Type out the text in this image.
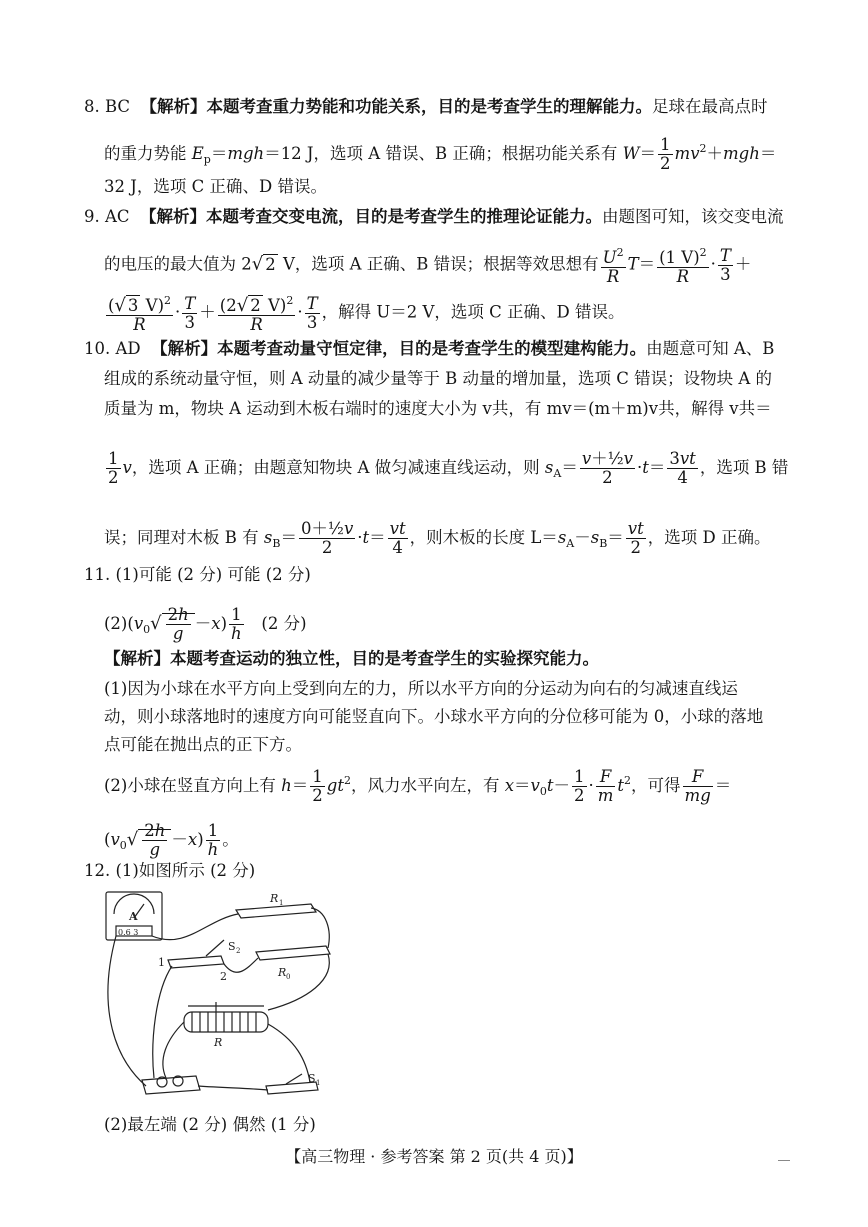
8. BC 【解析】本题考查重力势能和功能关系，目的是考查学生的理解能力。足球在最高点时
的重力势能 $E_p=mgh=12$ J，选项 A 错误、B 正确；根据功能关系有 $W= \frac{1}{2} mv^2+mgh=$
32 J，选项 C 正确、D 错误。
9. AC 【解析】本题考查交变电流，目的是考查学生的推理论证能力。由题图可知，该交变电流
的电压的最大值为 2√ 2 V，选项 A 正确、B 错误；根据等效思想有 $\frac{U^2}{R} T= \frac{(1 V)^2}{R} \cdot \frac{T}{3}$ ＋
$\frac{(√ 3 V)^2}{R} \cdot \frac{T}{3} + \frac{(2√ 2 V)^2}{R} \cdot \frac{T}{3}$ ，解得 U＝2 V，选项 C 正确、D 错误。
10. AD 【解析】本题考查动量守恒定律，目的是考查学生的模型建构能力。由题意可知 A、B
组成的系统动量守恒，则 A 动量的减少量等于 B 动量的增加量，选项 C 错误；设物块 A 的
质量为 m，物块 A 运动到木板右端时的速度大小为 v共，有 mv＝(m＋m)v共，解得 v共＝
$\frac{1}{2}$ v，选项 A 正确；由题意知物块 A 做匀减速直线运动，则 $s_A= \frac{\text{v＋½v}}{2} \cdot t= \frac{3vt}{4}$ ，选项 B 错
误；同理对木板 B 有 $s_B= \frac{\text{0＋½v}}{2} \cdot t= \frac{vt}{4}$ ，则木板的长度 $L=s_A-s_B= \frac{vt}{2}$ ，选项 D 正确。
11. (1)可能 (2 分) 可能 (2 分)
$(2)(v_0√ \frac{2h}{g} -x) \frac{1}{h} (2$ 分)
【解析】本题考查运动的独立性，目的是考查学生的实验探究能力。
(1)因为小球在水平方向上受到向左的力，所以水平方向的分运动为向右的匀减速直线运
动，则小球落地时的速度方向可能竖直向下。小球水平方向的分位移可能为 0，小球的落地
点可能在抛出点的正下方。
(2)小球在竖直方向上有 $h= \frac{1}{2} gt^2$，风力水平向左，有 $x=v_0t- \frac{1}{2} \cdot \frac{F}{m} t^2$，可得 $\frac{F}{mg}$ ＝
$(v_0√ \frac{2h}{g} -x) \frac{1}{h}$ 。
12. (1)如图所示 (2 分)
A
0.6 3
R 1
R 0
S 2
1
2
R
S 1
(2)最左端 (2 分) 偶然 (1 分)
【高三物理 · 参考答案 第 2 页(共 4 页)】
